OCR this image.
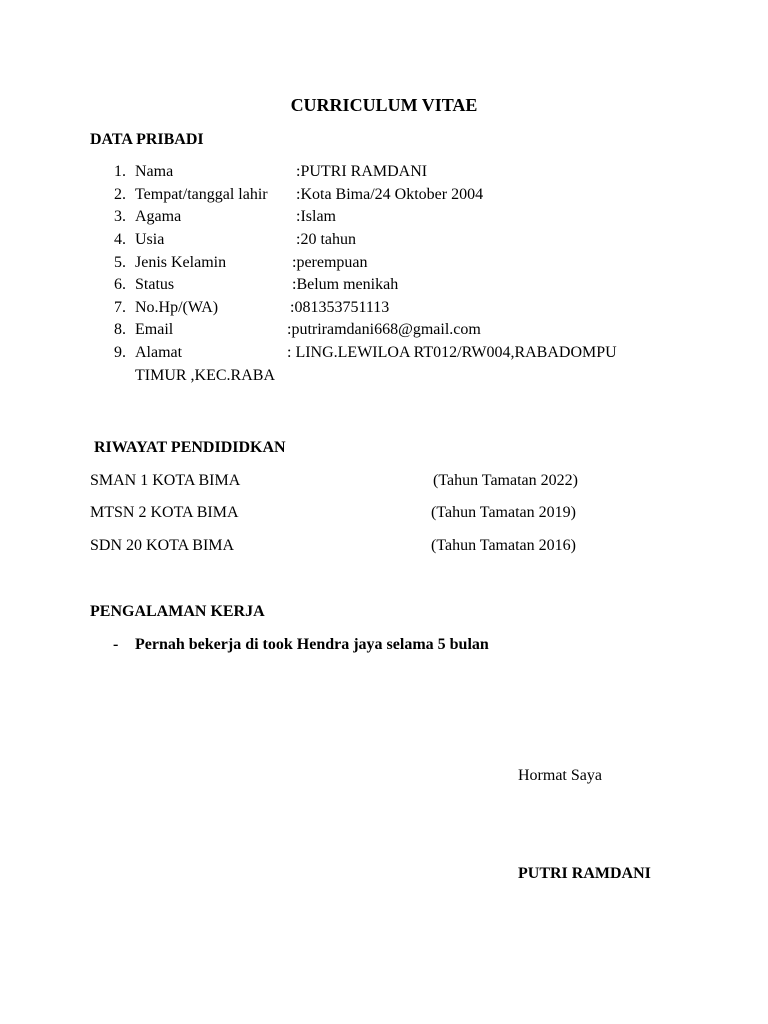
CURRICULUM VITAE
DATA PRIBADI
1. Nama	:PUTRI RAMDANI
2. Tempat/tanggal lahir :Kota Bima/24 Oktober 2004
3. Agama	:Islam
4. Usia	:20 tahun
5. Jenis Kelamin	:perempuan
6. Status	:Belum menikah
7. No.Hp/(WA)	:081353751113
8. Email	:putriramdani668@gmail.com
9. Alamat	: LING.LEWILOA RT012/RW004,RABADOMPU
TIMUR ,KEC.RABA
RIWAYAT PENDIDIDKAN
SMAN 1 KOTA BIMA	(Tahun Tamatan 2022)
MTSN 2 KOTA BIMA	(Tahun Tamatan 2019)
SDN 20 KOTA BIMA	(Tahun Tamatan 2016)
PENGALAMAN KERJA
- Pernah bekerja di took Hendra jaya selama 5 bulan
Hormat Saya
PUTRI RAMDANI
